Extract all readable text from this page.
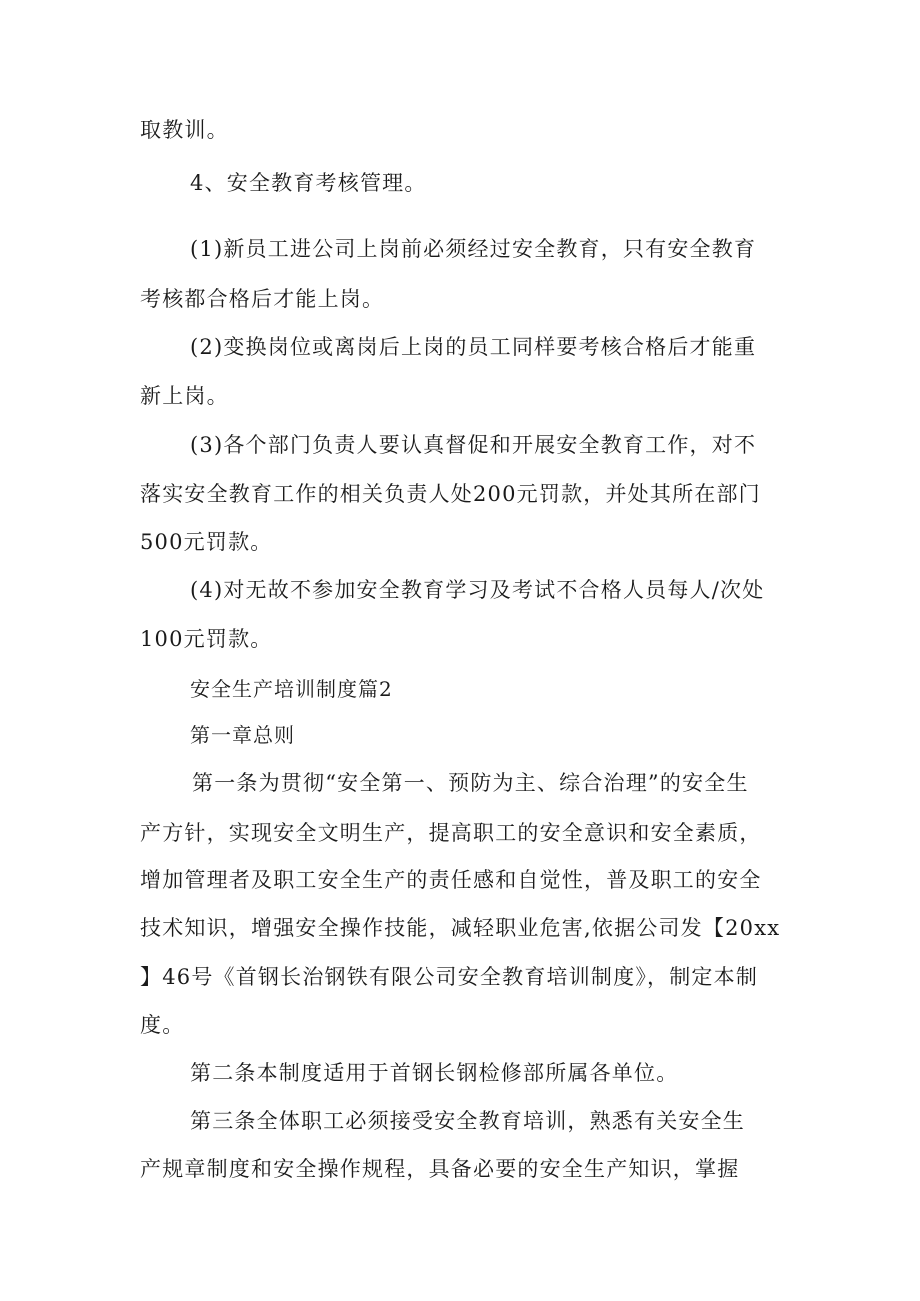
取教训。

4、安全教育考核管理。

(1)新员工进公司上岗前必须经过安全教育，只有安全教育

考核都合格后才能上岗。

(2)变换岗位或离岗后上岗的员工同样要考核合格后才能重

新上岗。

(3)各个部门负责人要认真督促和开展安全教育工作，对不

落实安全教育工作的相关负责人处200元罚款，并处其所在部门

500元罚款。

(4)对无故不参加安全教育学习及考试不合格人员每人/次处

100元罚款。

安全生产培训制度篇2

第一章总则

第一条为贯彻“安全第一、预防为主、综合治理”的安全生

产方针，实现安全文明生产，提高职工的安全意识和安全素质，

增加管理者及职工安全生产的责任感和自觉性，普及职工的安全

技术知识，增强安全操作技能，减轻职业危害,依据公司发【20xx

】46号《首钢长治钢铁有限公司安全教育培训制度》，制定本制

度。

第二条本制度适用于首钢长钢检修部所属各单位。

第三条全体职工必须接受安全教育培训，熟悉有关安全生

产规章制度和安全操作规程，具备必要的安全生产知识，掌握
